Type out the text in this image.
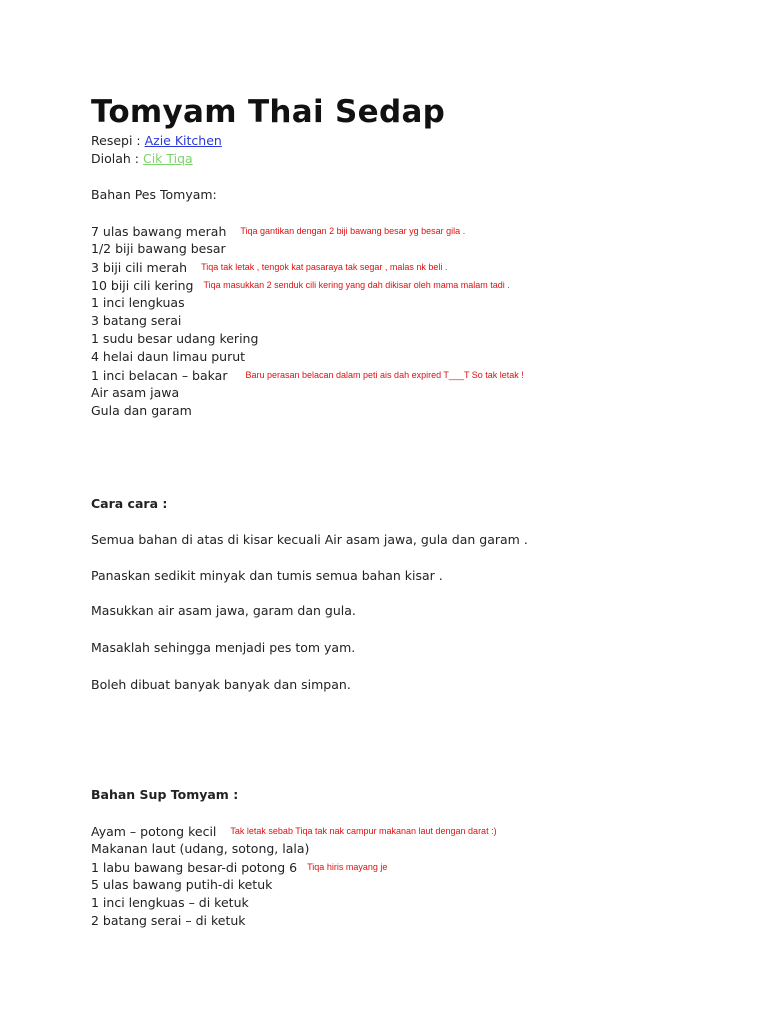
Tomyam Thai Sedap
Resepi : Azie Kitchen
Diolah : Cik Tiqa
Bahan Pes Tomyam:
7 ulas bawang merah Tiqa gantikan dengan 2 biji bawang besar yg besar gila .
1/2 biji bawang besar
3 biji cili merah Tiqa tak letak , tengok kat pasaraya tak segar , malas nk beli .
10 biji cili kering Tiqa masukkan 2 senduk cili kering yang dah dikisar oleh mama malam tadi .
1 inci lengkuas
3 batang serai
1 sudu besar udang kering
4 helai daun limau purut
1 inci belacan – bakar Baru perasan belacan dalam peti ais dah expired T___T So tak letak !
Air asam jawa
Gula dan garam
Cara cara :
Semua bahan di atas di kisar kecuali Air asam jawa, gula dan garam .
Panaskan sedikit minyak dan tumis semua bahan kisar .
Masukkan air asam jawa, garam dan gula.
Masaklah sehingga menjadi pes tom yam.
Boleh dibuat banyak banyak dan simpan.
Bahan Sup Tomyam :
Ayam – potong kecil Tak letak sebab Tiqa tak nak campur makanan laut dengan darat :)
Makanan laut (udang, sotong, lala)
1 labu bawang besar-di potong 6 Tiqa hiris mayang je
5 ulas bawang putih-di ketuk
1 inci lengkuas – di ketuk
2 batang serai – di ketuk
